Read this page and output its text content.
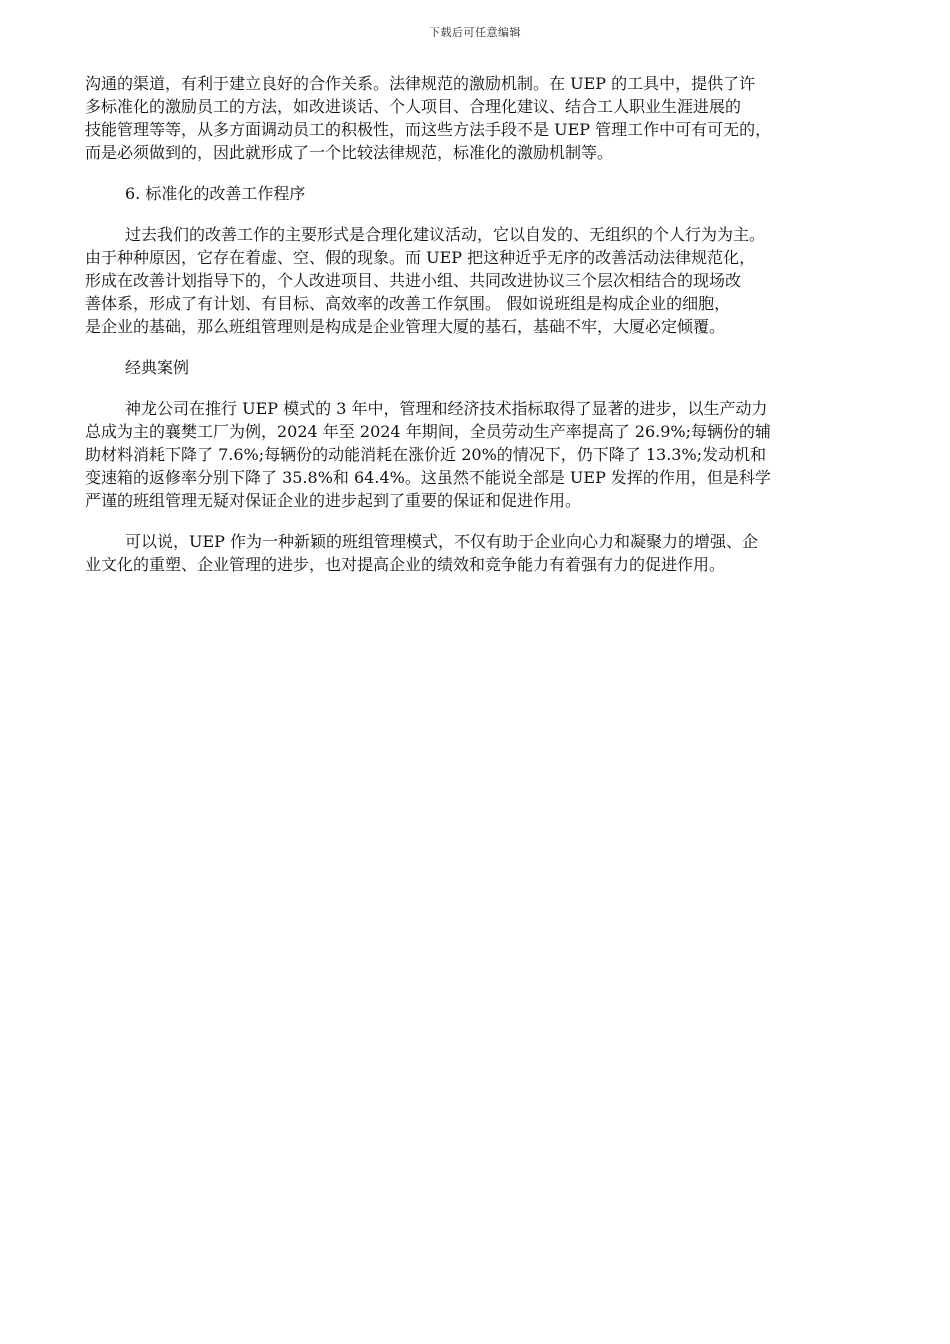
下载后可任意编辑

沟通的渠道，有利于建立良好的合作关系。法律规范的激励机制。在 UEP 的工具中，提供了许
多标准化的激励员工的方法，如改进谈话、个人项目、合理化建议、结合工人职业生涯进展的
技能管理等等，从多方面调动员工的积极性，而这些方法手段不是 UEP 管理工作中可有可无的，
而是必须做到的，因此就形成了一个比较法律规范，标准化的激励机制等。

6. 标准化的改善工作程序

过去我们的改善工作的主要形式是合理化建议活动，它以自发的、无组织的个人行为为主。
由于种种原因，它存在着虚、空、假的现象。而 UEP 把这种近乎无序的改善活动法律规范化，
形成在改善计划指导下的，个人改进项目、共进小组、共同改进协议三个层次相结合的现场改
善体系，形成了有计划、有目标、高效率的改善工作氛围。 假如说班组是构成企业的细胞，
是企业的基础，那么班组管理则是构成是企业管理大厦的基石，基础不牢，大厦必定倾覆。

经典案例

神龙公司在推行 UEP 模式的 3 年中，管理和经济技术指标取得了显著的进步，以生产动力
总成为主的襄樊工厂为例，2024 年至 2024 年期间，全员劳动生产率提高了 26.9%;每辆份的辅
助材料消耗下降了 7.6%;每辆份的动能消耗在涨价近 20%的情况下，仍下降了 13.3%;发动机和
变速箱的返修率分别下降了 35.8%和 64.4%。这虽然不能说全部是 UEP 发挥的作用，但是科学
严谨的班组管理无疑对保证企业的进步起到了重要的保证和促进作用。

可以说，UEP 作为一种新颖的班组管理模式，不仅有助于企业向心力和凝聚力的增强、企
业文化的重塑、企业管理的进步，也对提高企业的绩效和竞争能力有着强有力的促进作用。
